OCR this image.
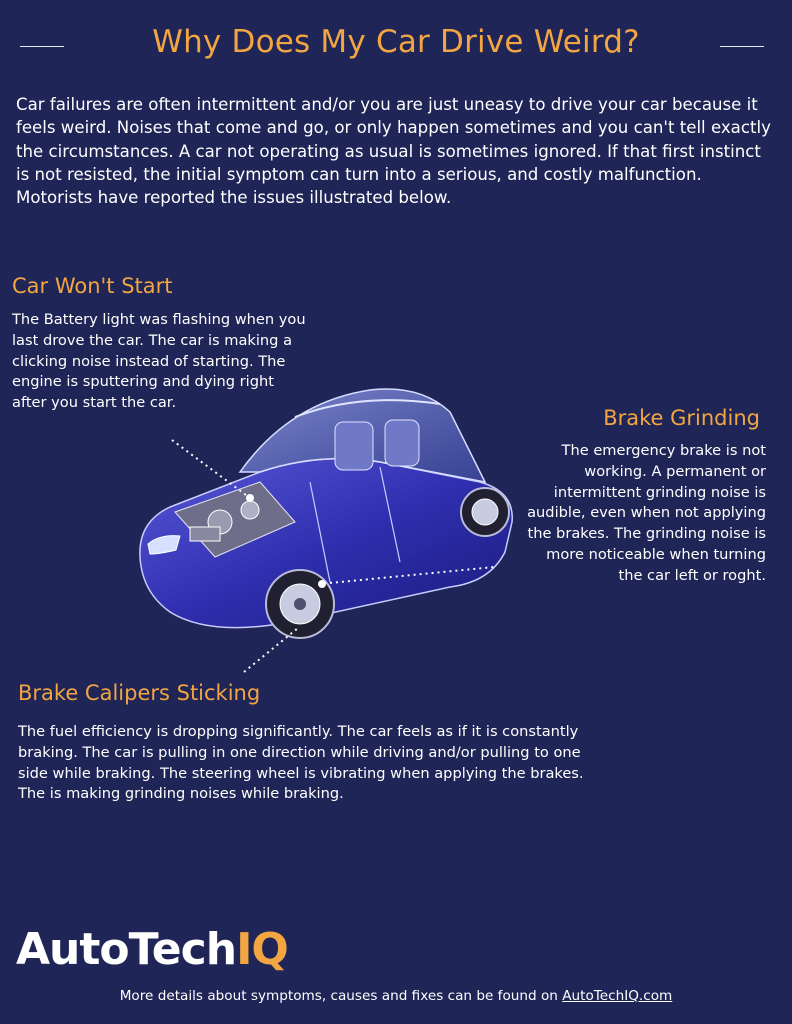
Why Does My Car Drive Weird?

Car failures are often intermittent and/or you are just uneasy to drive your car because it feels weird. Noises that come and go, or only happen sometimes and you can't tell exactly the circumstances. A car not operating as usual is sometimes ignored. If that first instinct is not resisted, the initial symptom can turn into a serious, and costly malfunction. Motorists have reported the issues illustrated below.

Car Won't Start

The Battery light was flashing when you last drove the car. The car is making a clicking noise instead of starting. The engine is sputtering and dying right after you start the car.

Brake Grinding

The emergency brake is not working. A permanent or intermittent grinding noise is audible, even when not applying the brakes. The grinding noise is more noticeable when turning the car left or roght.

Brake Calipers Sticking

The fuel efficiency is dropping significantly. The car feels as if it is constantly braking. The car is pulling in one direction while driving and/or pulling to one side while braking. The steering wheel is vibrating when applying the brakes. The is making grinding noises while braking.

AutoTechIQ

More details about symptoms, causes and fixes can be found on AutoTechIQ.com
